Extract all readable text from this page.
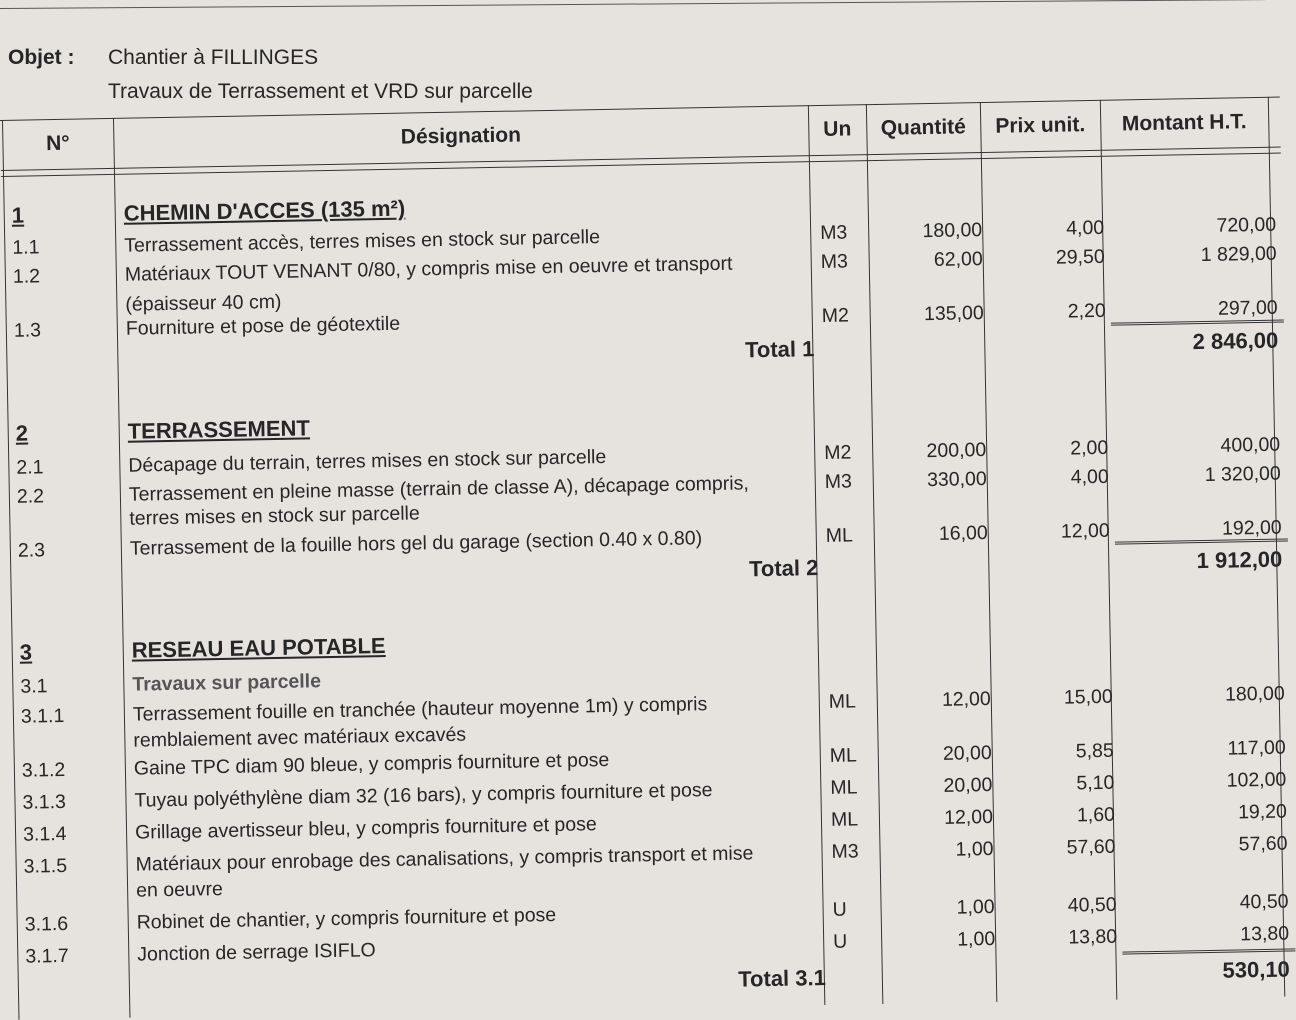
Objet : Chantier à FILLINGES
Travaux de Terrassement et VRD sur parcelle
N°	Désignation	Un	Quantité	Prix unit.	Montant H.T.
1	CHEMIN D'ACCES (135 m²)
1.1	Terrassement accès, terres mises en stock sur parcelle	M3	180,00	4,00	720,00
1.2	Matériaux TOUT VENANT 0/80, y compris mise en oeuvre et transport	M3	62,00	29,50	1 829,00
(épaisseur 40 cm)
1.3	Fourniture et pose de géotextile	M2	135,00	2,20	297,00
Total 1	2 846,00
2	TERRASSEMENT
2.1	Décapage du terrain, terres mises en stock sur parcelle	M2	200,00	2,00	400,00
2.2	Terrassement en pleine masse (terrain de classe A), décapage compris,	M3	330,00	4,00	1 320,00
terres mises en stock sur parcelle
2.3	Terrassement de la fouille hors gel du garage (section 0.40 x 0.80)	ML	16,00	12,00	192,00
Total 2	1 912,00
3	RESEAU EAU POTABLE
3.1	Travaux sur parcelle
3.1.1	Terrassement fouille en tranchée (hauteur moyenne 1m) y compris	ML	12,00	15,00	180,00
remblaiement avec matériaux excavés
3.1.2	Gaine TPC diam 90 bleue, y compris fourniture et pose	ML	20,00	5,85	117,00
3.1.3	Tuyau polyéthylène diam 32 (16 bars), y compris fourniture et pose	ML	20,00	5,10	102,00
3.1.4	Grillage avertisseur bleu, y compris fourniture et pose	ML	12,00	1,60	19,20
3.1.5	Matériaux pour enrobage des canalisations, y compris transport et mise	M3	1,00	57,60	57,60
en oeuvre
3.1.6	Robinet de chantier, y compris fourniture et pose	U	1,00	40,50	40,50
3.1.7	Jonction de serrage ISIFLO	U	1,00	13,80	13,80
Total 3.1	530,10
